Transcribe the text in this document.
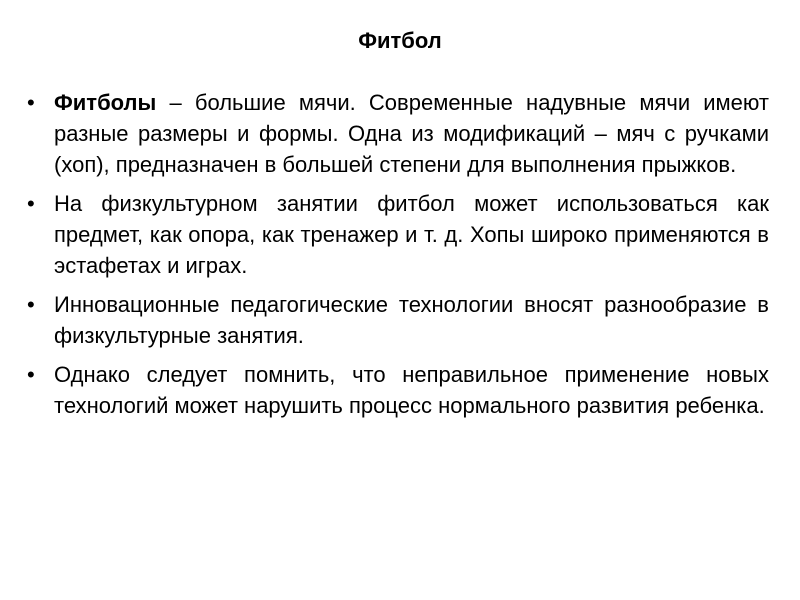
Фитбол
• Фитболы – большие мячи. Современные надувные мячи имеют разные размеры и формы. Одна из модификаций – мяч с ручками (хоп), предназначен в большей степени для выполнения прыжков.
• На физкультурном занятии фитбол может использоваться как предмет, как опора, как тренажер и т. д. Хопы широко применяются в эстафетах и играх.
• Инновационные педагогические технологии вносят разнообразие в физкультурные занятия.
• Однако следует помнить, что неправильное применение новых технологий может нарушить процесс нормального развития ребенка.
